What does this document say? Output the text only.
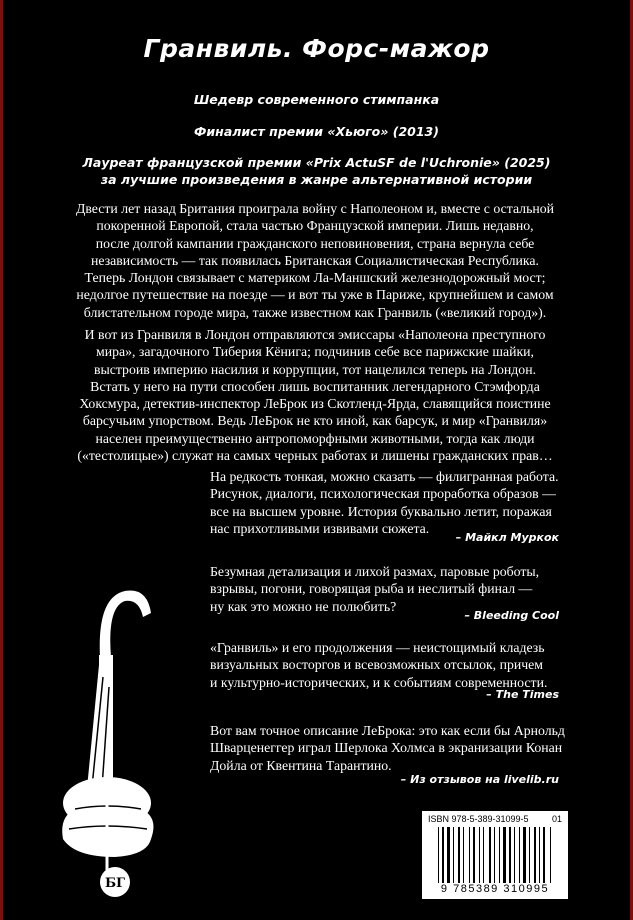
Гранвиль. Форс-мажор
Шедевр современного стимпанка
Финалист премии «Хьюго» (2013)
Лауреат французской премии «Prix ActuSF de l'Uchronie» (2025)
за лучшие произведения в жанре альтернативной истории
Двести лет назад Британия проиграла войну с Наполеоном и, вместе с остальной
покоренной Европой, стала частью Французской империи. Лишь недавно,
после долгой кампании гражданского неповиновения, страна вернула себе
независимость — так появилась Британская Социалистическая Республика.
Теперь Лондон связывает с материком Ла-Маншский железнодорожный мост;
недолгое путешествие на поезде — и вот ты уже в Париже, крупнейшем и самом
блистательном городе мира, также известном как Гранвиль («великий город»).
И вот из Гранвиля в Лондон отправляются эмиссары «Наполеона преступного
мира», загадочного Тиберия Кёнига; подчинив себе все парижские шайки,
выстроив империю насилия и коррупции, тот нацелился теперь на Лондон.
Встать у него на пути способен лишь воспитанник легендарного Стэмфорда
Хоксмура, детектив-инспектор ЛеБрок из Скотленд-Ярда, славящийся поистине
барсучьим упорством. Ведь ЛеБрок не кто иной, как барсук, и мир «Гранвиля»
населен преимущественно антропоморфными животными, тогда как люди
(«тестолицые») служат на самых черных работах и лишены гражданских прав…
На редкость тонкая, можно сказать — филигранная работа.
Рисунок, диалоги, психологическая проработка образов —
все на высшем уровне. История буквально летит, поражая
нас прихотливыми извивами сюжета.
– Майкл Муркок
Безумная детализация и лихой размах, паровые роботы,
взрывы, погони, говорящая рыба и неслитый финал —
ну как это можно не полюбить?
– Bleeding Cool
«Гранвиль» и его продолжения — неистощимый кладезь
визуальных восторгов и всевозможных отсылок, причем
и культурно-исторических, и к событиям современности.
– The Times
Вот вам точное описание ЛеБрока: это как если бы Арнольд
Шварценеггер играл Шерлока Холмса в экранизации Конан
Дойла от Квентина Тарантино.
– Из отзывов на livelib.ru
БГ
ISBN 978-5-389-31099-5	01
9 785389 310995
